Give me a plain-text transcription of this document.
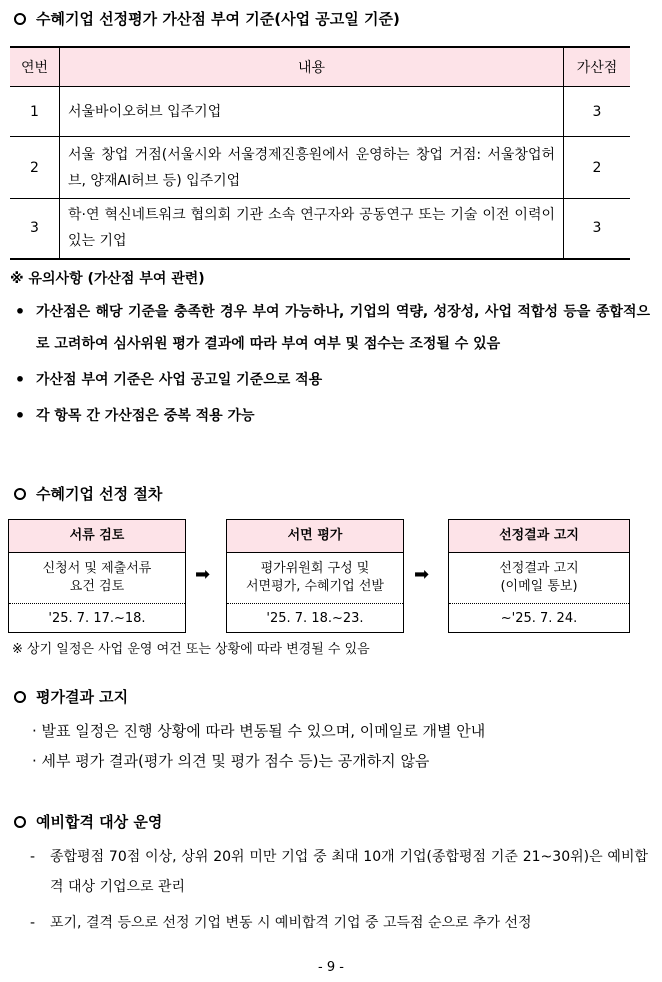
수혜기업 선정평가 가산점 부여 기준(사업 공고일 기준)
연번	내용	가산점
1	서울바이오허브 입주기업	3
2	서울 창업 거점(서울시와 서울경제진흥원에서 운영하는 창업 거점: 서울창업허브, 양재AI허브 등) 입주기업	2
3	학·연 혁신네트워크 협의회 기관 소속 연구자와 공동연구 또는 기술 이전 이력이 있는 기업	3
※ 유의사항 (가산점 부여 관련)
• 가산점은 해당 기준을 충족한 경우 부여 가능하나, 기업의 역량, 성장성, 사업 적합성 등을 종합적으로 고려하여 심사위원 평가 결과에 따라 부여 여부 및 점수는 조정될 수 있음
• 가산점 부여 기준은 사업 공고일 기준으로 적용
• 각 항목 간 가산점은 중복 적용 가능
수혜기업 선정 절차
서류 검토
신청서 및 제출서류
요건 검토
'25. 7. 17.~18.
➡
서면 평가
평가위원회 구성 및
서면평가, 수혜기업 선발
'25. 7. 18.~23.
➡
선정결과 고지
선정결과 고지
(이메일 통보)
~'25. 7. 24.
※ 상기 일정은 사업 운영 여건 또는 상황에 따라 변경될 수 있음
평가결과 고지
· 발표 일정은 진행 상황에 따라 변동될 수 있으며, 이메일로 개별 안내
· 세부 평가 결과(평가 의견 및 평가 점수 등)는 공개하지 않음
예비합격 대상 운영
-	종합평점 70점 이상, 상위 20위 미만 기업 중 최대 10개 기업(종합평점 기준 21~30위)은 예비합격 대상 기업으로 관리
-	포기, 결격 등으로 선정 기업 변동 시 예비합격 기업 중 고득점 순으로 추가 선정
- 9 -
